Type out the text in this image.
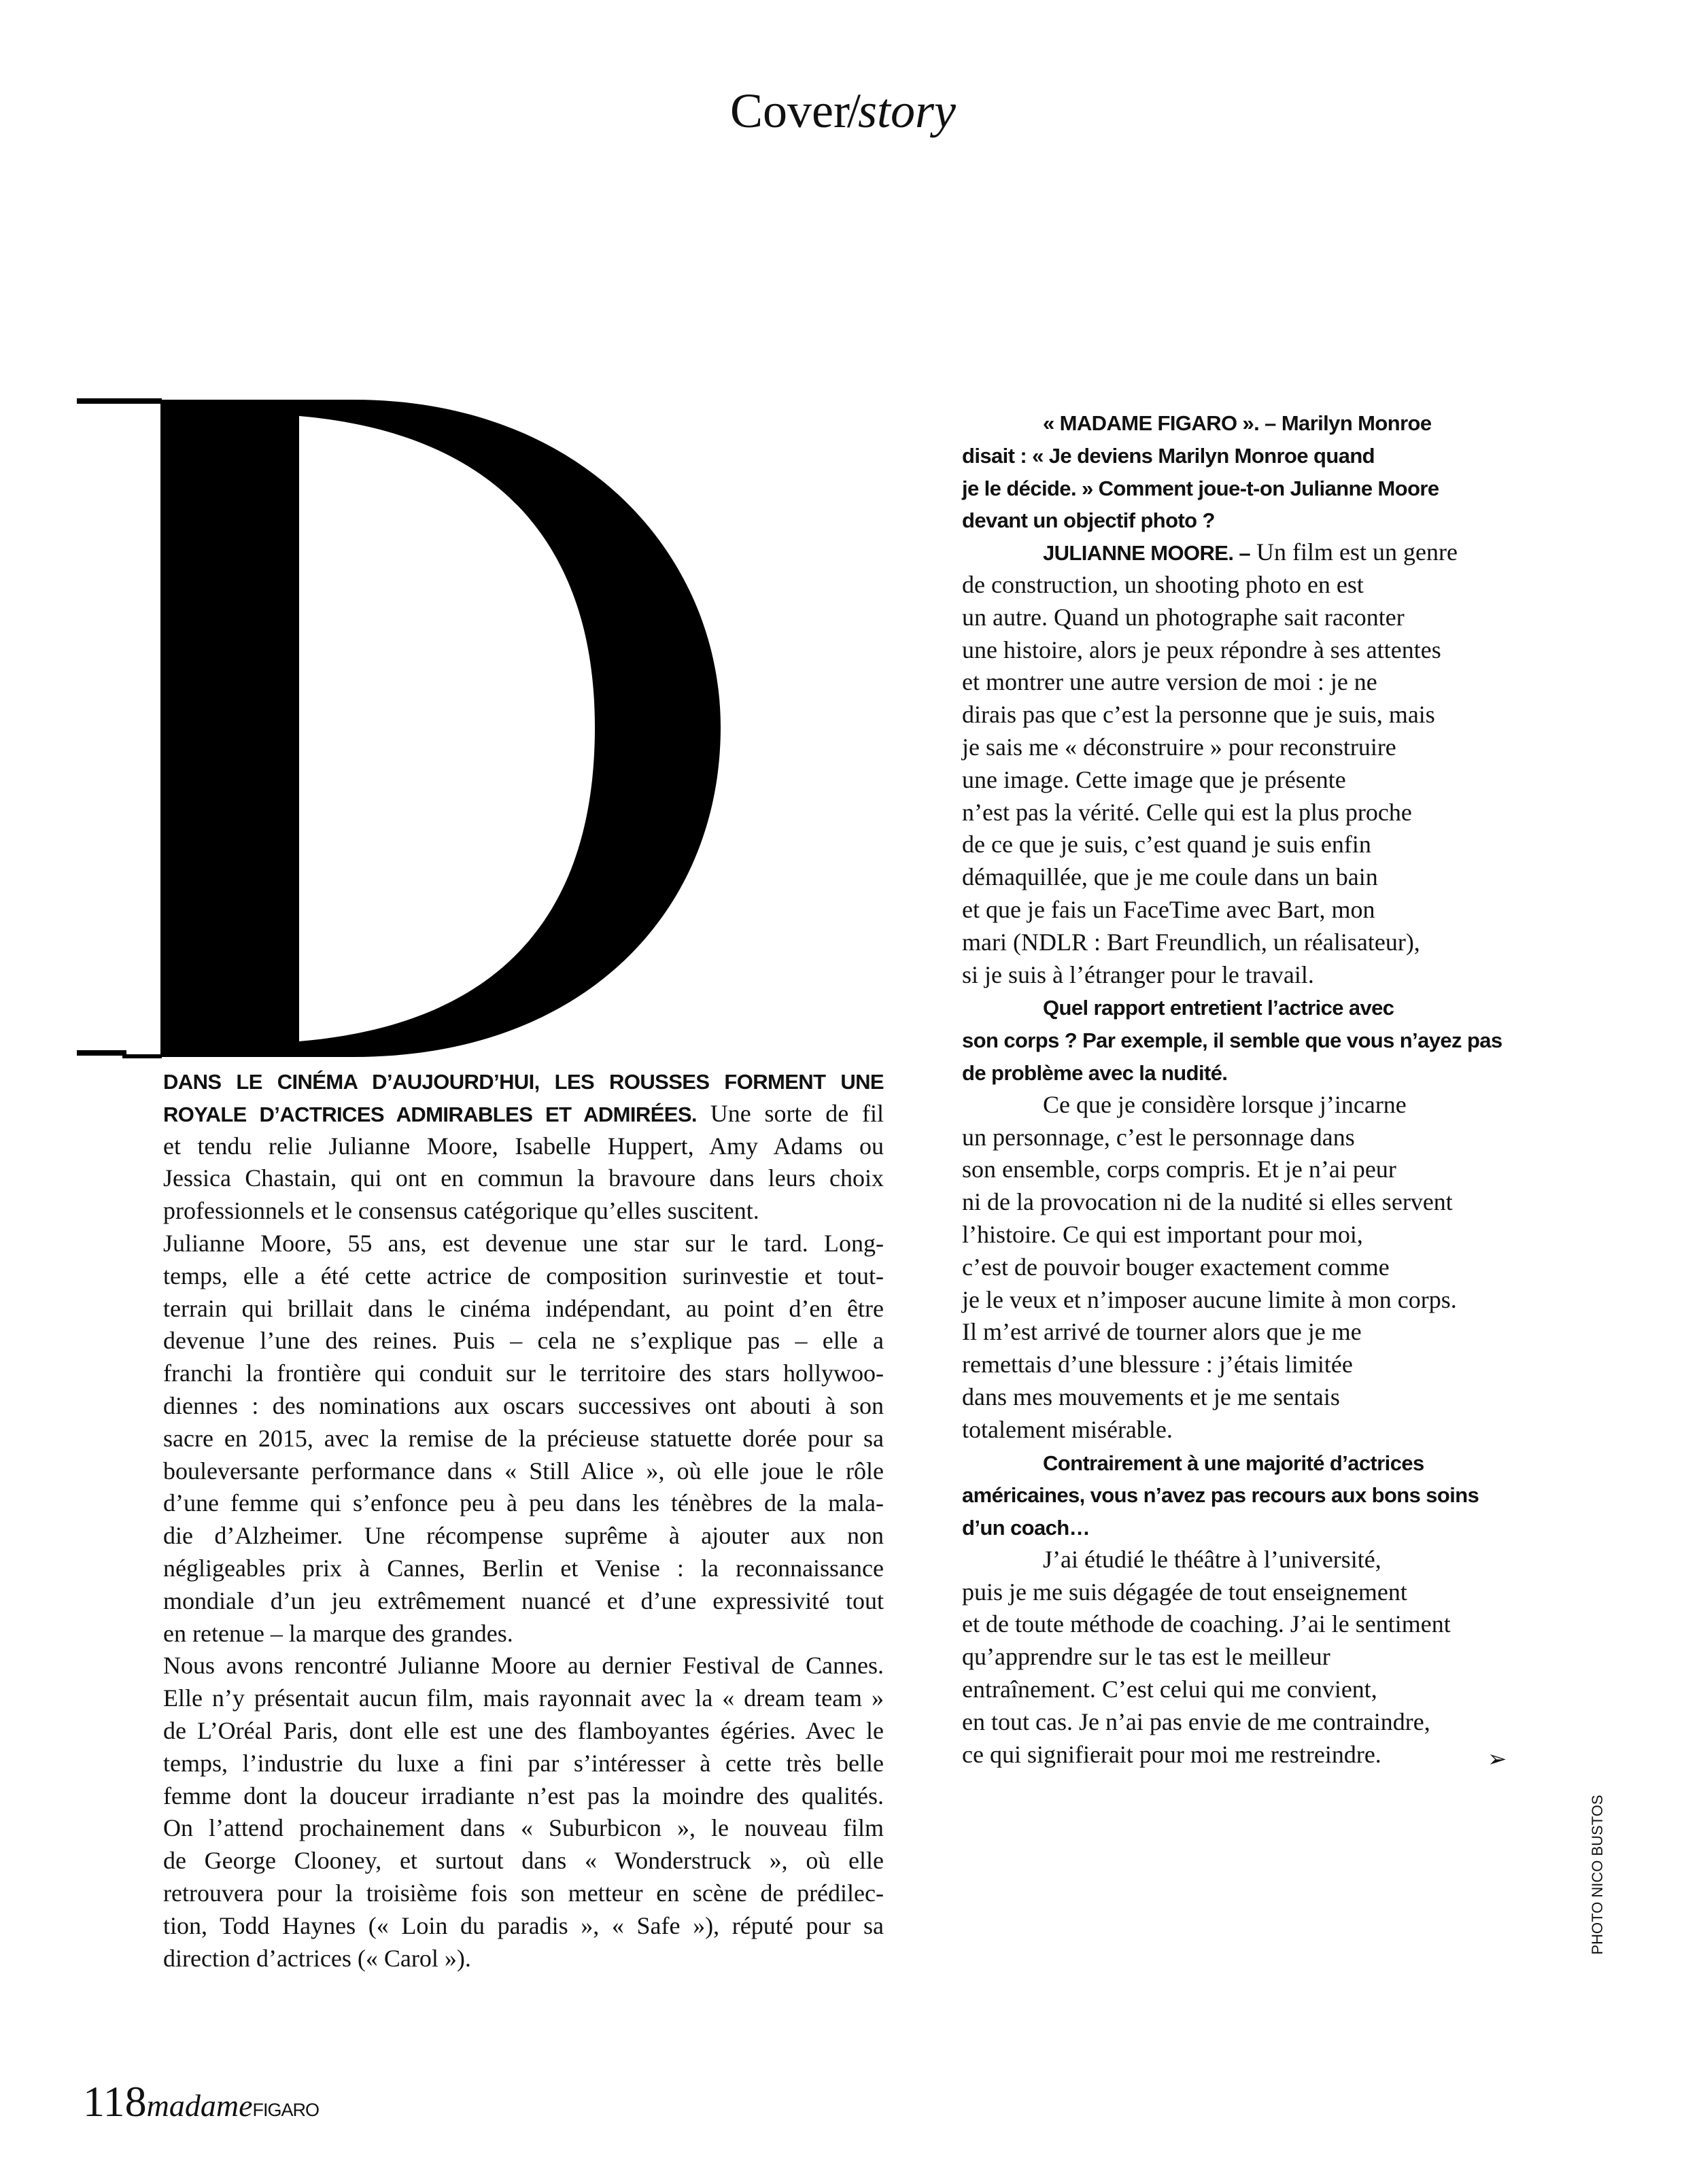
Cover/story
DANS LE CINÉMA D’AUJOURD’HUI, LES ROUSSES FORMENT UNE
ROYALE D’ACTRICES ADMIRABLES ET ADMIRÉES. Une sorte de fil
et tendu relie Julianne Moore, Isabelle Huppert, Amy Adams ou
Jessica Chastain, qui ont en commun la bravoure dans leurs choix
professionnels et le consensus catégorique qu’elles suscitent.
Julianne Moore, 55 ans, est devenue une star sur le tard. Long-
temps, elle a été cette actrice de composition surinvestie et tout-
terrain qui brillait dans le cinéma indépendant, au point d’en être
devenue l’une des reines. Puis – cela ne s’explique pas – elle a
franchi la frontière qui conduit sur le territoire des stars hollywoo-
diennes : des nominations aux oscars successives ont abouti à son
sacre en 2015, avec la remise de la précieuse statuette dorée pour sa
bouleversante performance dans « Still Alice », où elle joue le rôle
d’une femme qui s’enfonce peu à peu dans les ténèbres de la mala-
die d’Alzheimer. Une récompense suprême à ajouter aux non
négligeables prix à Cannes, Berlin et Venise : la reconnaissance
mondiale d’un jeu extrêmement nuancé et d’une expressivité tout
en retenue – la marque des grandes.
Nous avons rencontré Julianne Moore au dernier Festival de Cannes.
Elle n’y présentait aucun film, mais rayonnait avec la « dream team »
de L’Oréal Paris, dont elle est une des flamboyantes égéries. Avec le
temps, l’industrie du luxe a fini par s’intéresser à cette très belle
femme dont la douceur irradiante n’est pas la moindre des qualités.
On l’attend prochainement dans « Suburbicon », le nouveau film
de George Clooney, et surtout dans « Wonderstruck », où elle
retrouvera pour la troisième fois son metteur en scène de prédilec-
tion, Todd Haynes (« Loin du paradis », « Safe »), réputé pour sa
direction d’actrices (« Carol »).
« MADAME FIGARO ». – Marilyn Monroe
disait : « Je deviens Marilyn Monroe quand
je le décide. » Comment joue-t-on Julianne Moore
devant un objectif photo ?
JULIANNE MOORE. – Un film est un genre
de construction, un shooting photo en est
un autre. Quand un photographe sait raconter
une histoire, alors je peux répondre à ses attentes
et montrer une autre version de moi : je ne
dirais pas que c’est la personne que je suis, mais
je sais me « déconstruire » pour reconstruire
une image. Cette image que je présente
n’est pas la vérité. Celle qui est la plus proche
de ce que je suis, c’est quand je suis enfin
démaquillée, que je me coule dans un bain
et que je fais un FaceTime avec Bart, mon
mari (NDLR : Bart Freundlich, un réalisateur),
si je suis à l’étranger pour le travail.
Quel rapport entretient l’actrice avec
son corps ? Par exemple, il semble que vous n’ayez pas
de problème avec la nudité.
Ce que je considère lorsque j’incarne
un personnage, c’est le personnage dans
son ensemble, corps compris. Et je n’ai peur
ni de la provocation ni de la nudité si elles servent
l’histoire. Ce qui est important pour moi,
c’est de pouvoir bouger exactement comme
je le veux et n’imposer aucune limite à mon corps.
Il m’est arrivé de tourner alors que je me
remettais d’une blessure : j’étais limitée
dans mes mouvements et je me sentais
totalement misérable.
Contrairement à une majorité d’actrices
américaines, vous n’avez pas recours aux bons soins
d’un coach…
J’ai étudié le théâtre à l’université,
puis je me suis dégagée de tout enseignement
et de toute méthode de coaching. J’ai le sentiment
qu’apprendre sur le tas est le meilleur
entraînement. C’est celui qui me convient,
en tout cas. Je n’ai pas envie de me contraindre,
ce qui signifierait pour moi me restreindre.	➢
PHOTO NICO BUSTOS
118madameFIGARO
